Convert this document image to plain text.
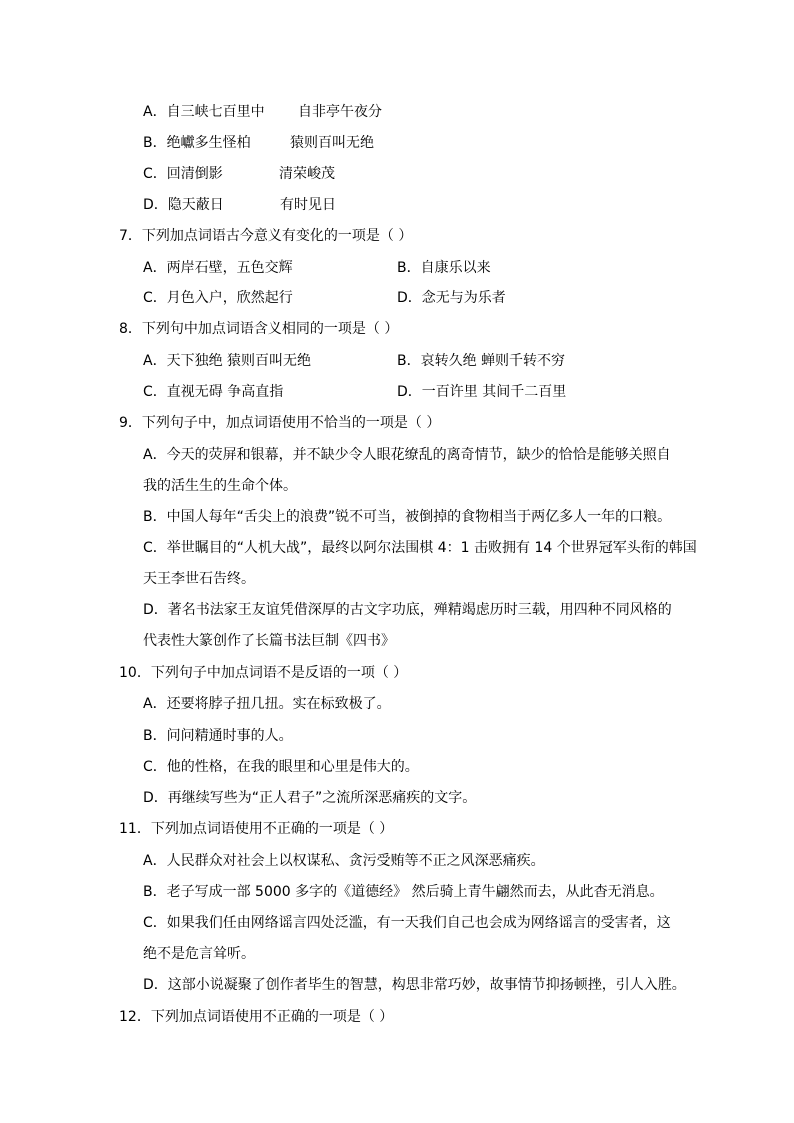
A．自三峡七百里中 自非亭午夜分
B．绝巘多生怪柏	猿则百叫无绝
C．回清倒影	清荣峻茂
D．隐天蔽日	有时见日
7．下列加点词语古今意义有变化的一项是（ ）
A．两岸石壁，五色交辉	B．自康乐以来
C．月色入户，欣然起行	D．念无与为乐者
8．下列句中加点词语含义相同的一项是（ ）
A．天下独绝 猿则百叫无绝	B．哀转久绝 蝉则千转不穷
C．直视无碍 争高直指	D．一百许里 其间千二百里
9．下列句子中，加点词语使用不恰当的一项是（ ）
A．今天的荧屏和银幕，并不缺少令人眼花缭乱的离奇情节，缺少的恰恰是能够关照自
我的活生生的生命个体。
B．中国人每年“舌尖上的浪费”锐不可当，被倒掉的食物相当于两亿多人一年的口粮。
C．举世瞩目的“人机大战”，最终以阿尔法围棋 4：1 击败拥有 14 个世界冠军头衔的韩国
天王李世石告终。
D．著名书法家王友谊凭借深厚的古文字功底，殚精竭虑历时三载，用四种不同风格的
代表性大篆创作了长篇书法巨制《四书》
10．下列句子中加点词语不是反语的一项（ ）
A．还要将脖子扭几扭。实在标致极了。
B．问问精通时事的人。
C．他的性格，在我的眼里和心里是伟大的。
D．再继续写些为“正人君子”之流所深恶痛疾的文字。
11．下列加点词语使用不正确的一项是（ ）
A．人民群众对社会上以权谋私、贪污受贿等不正之风深恶痛疾。
B．老子写成一部 5000 多字的《道德经》 然后骑上青牛翩然而去，从此杳无消息。
C．如果我们任由网络谣言四处泛滥，有一天我们自己也会成为网络谣言的受害者，这
绝不是危言耸听。
D．这部小说凝聚了创作者毕生的智慧，构思非常巧妙，故事情节抑扬顿挫，引人入胜。
12．下列加点词语使用不正确的一项是（ ）
